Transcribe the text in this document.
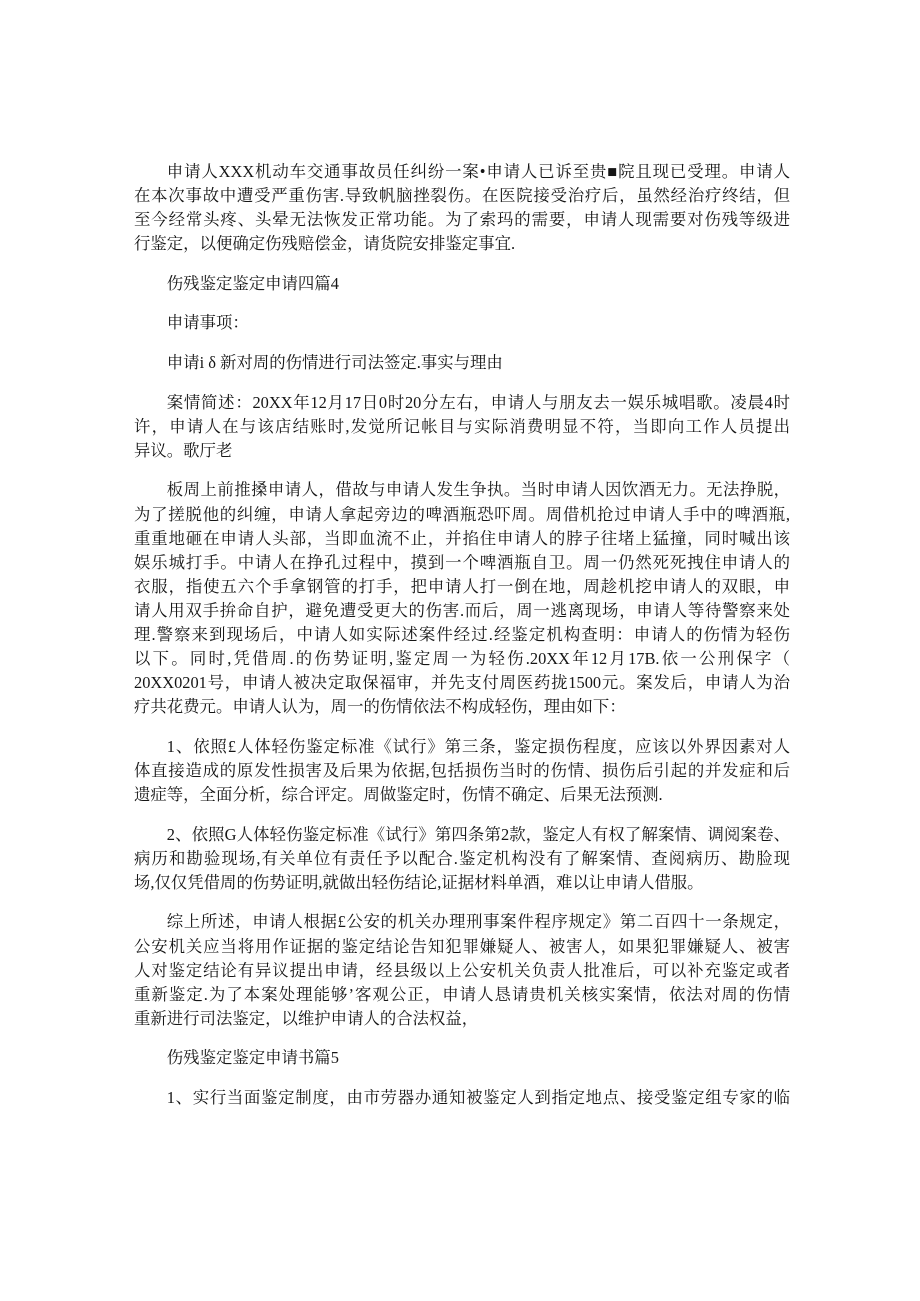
申请人XXX机动车交通事故员任纠纷一案•申请人已诉至贵■院且现已受理。申请人
在本次事故中遭受严重伤害.导致帆脑挫裂伤。在医院接受治疗后，虽然经治疗终结，但
至今经常头疼、头晕无法恢发正常功能。为了索玛的需要，申请人现需要对伤残等级进
行鉴定，以便确定伤残赔偿金，请货院安排鉴定事宜.
伤残鉴定鉴定申请四篇4
申请事项：
申请i δ 新对周的伤情进行司法签定.事实与理由
案情简述：20XX年12月17日0时20分左右，申请人与朋友去一娱乐城唱歌。凌晨4时
许，申请人在与该店结账时,发觉所记帐目与实际消费明显不符，当即向工作人员提出
异议。歌厅老
板周上前推搡申请人，借故与申请人发生争执。当时申请人因饮酒无力。无法挣脱，
为了搓脱他的纠缠，申请人拿起旁边的啤酒瓶恐吓周。周借机抢过申请人手中的啤酒瓶,
重重地砸在申请人头部，当即血流不止，并掐住申请人的脖子往堵上猛撞，同时喊出该
娱乐城打手。中请人在挣孔过程中，摸到一个啤酒瓶自卫。周一仍然死死拽住申请人的
衣服，指使五六个手拿钢管的打手，把申请人打一倒在地，周趁机挖申请人的双眼，申
请人用双手拚命自护，避免遭受更大的伤害.而后，周一逃离现场，申请人等待警察来处
理.警察来到现场后，中请人如实际述案件经过.经鉴定机构查明：申请人的伤情为轻伤
以下。同时,凭借周.的伤势证明,鉴定周一为轻伤.20XX年12月17B.依一公刑保字（
20XX0201号，申请人被决定取保福审，并先支付周医药拢1500元。案发后，申请人为治
疗共花费元。申请人认为，周一的伤情依法不构成轻伤，理由如下：
1、依照£人体轻伤鉴定标准《试行》第三条，鉴定损伤程度，应该以外界因素对人
体直接造成的原发性损害及后果为依据,包括损伤当时的伤情、损伤后引起的并发症和后
遗症等，全面分析，综合评定。周做鉴定时，伤情不确定、后果无法预测.
2、依照G人体轻伤鉴定标准《试行》第四条第2款，鉴定人有权了解案情、调阅案卷、
病历和勘验现场,有关单位有责任予以配合.鉴定机构没有了解案情、查阅病历、勘脸现
场,仅仅凭借周的伤势证明,就做出轻伤结论,证据材料单酒，难以让申请人借服。
综上所述，申请人根据£公安的机关办理刑事案件程序规定》第二百四十一条规定，
公安机关应当将用作证据的鉴定结论告知犯罪嫌疑人、被害人，如果犯罪嫌疑人、被害
人对鉴定结论有异议提出申请，经县级以上公安机关负责人批准后，可以补充鉴定或者
重新鉴定.为了本案处理能够’客观公正，申请人恳请贵机关核实案情，依法对周的伤情
重新进行司法鉴定，以维护申请人的合法权益，
伤残鉴定鉴定申请书篇5
1、实行当面鉴定制度，由市劳器办通知被鉴定人到指定地点、接受鉴定组专家的临
